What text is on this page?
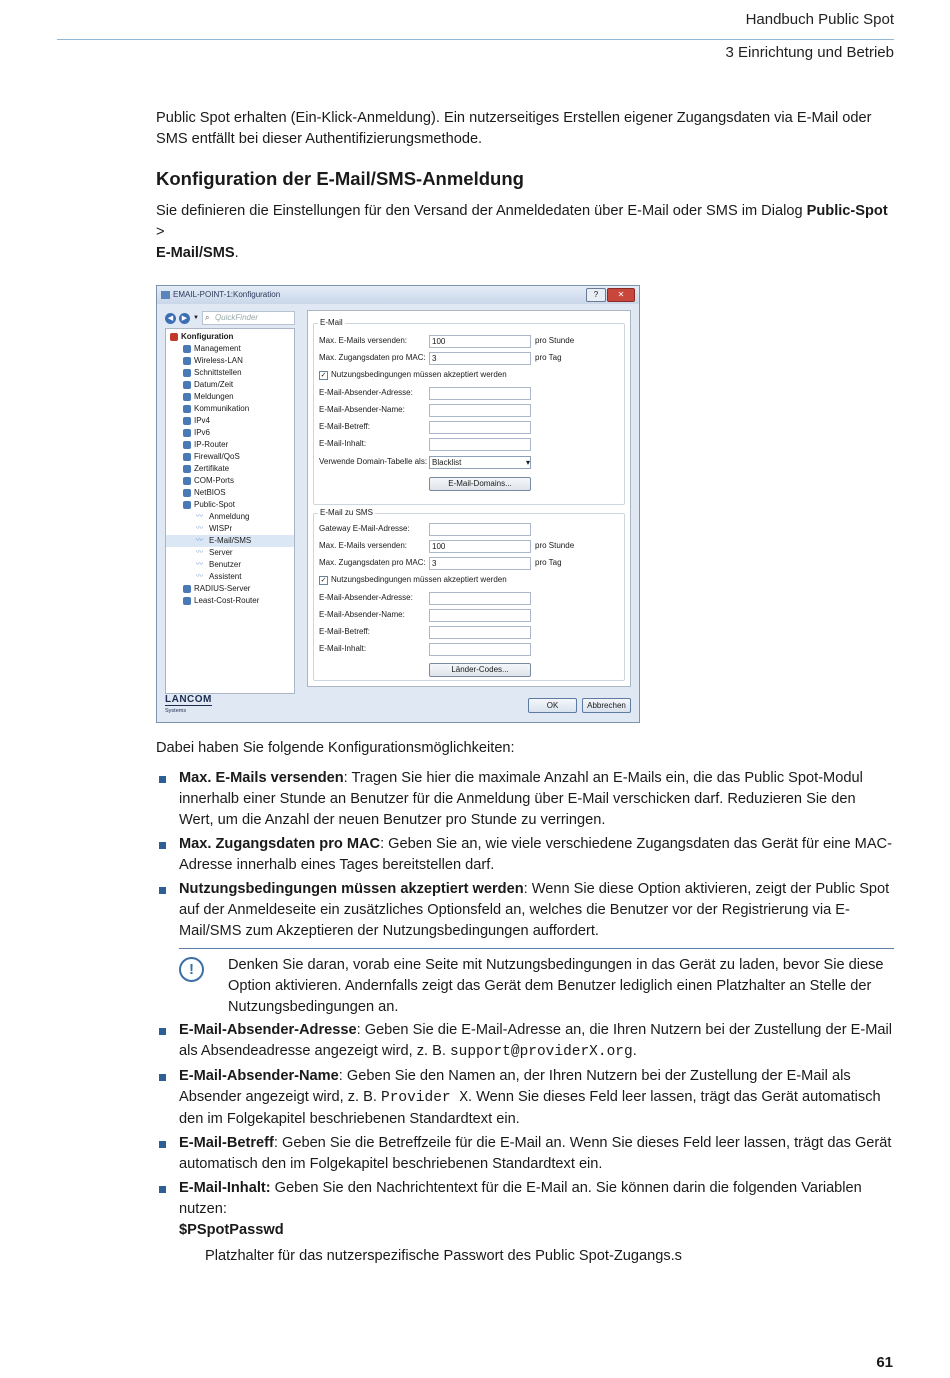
Handbuch Public Spot
3 Einrichtung und Betrieb

Public Spot erhalten (Ein-Klick-Anmeldung). Ein nutzerseitiges Erstellen eigener Zugangsdaten via E-Mail oder SMS entfällt bei dieser Authentifizierungsmethode.

Konfiguration der E-Mail/SMS-Anmeldung

Sie definieren die Einstellungen für den Versand der Anmeldedaten über E-Mail oder SMS im Dialog Public-Spot >
E-Mail/SMS.

EMAIL-POINT-1:Konfiguration	?	✕
◀	▶ ▼ ⌕ QuickFinder
Konfiguration
Management
Wireless-LAN
Schnittstellen
Datum/Zeit
Meldungen
Kommunikation
IPv4
IPv6
IP-Router
Firewall/QoS
Zertifikate
COM-Ports
NetBIOS
Public-Spot
〰 Anmeldung
〰 WISPr
〰 E-Mail/SMS
〰 Server
〰 Benutzer
〰 Assistent
RADIUS-Server
Least-Cost-Router
E-Mail
Max. E-Mails versenden:	100	pro Stunde
Max. Zugangsdaten pro MAC: 3	pro Tag
✓ Nutzungsbedingungen müssen akzeptiert werden
E-Mail-Absender-Adresse:
E-Mail-Absender-Name:
E-Mail-Betreff:
E-Mail-Inhalt:
Verwende Domain-Tabelle als: Blacklist	▾
E-Mail-Domains...
E-Mail zu SMS
Gateway E-Mail-Adresse:
Max. E-Mails versenden:	100	pro Stunde
Max. Zugangsdaten pro MAC: 3	pro Tag
✓ Nutzungsbedingungen müssen akzeptiert werden
E-Mail-Absender-Adresse:
E-Mail-Absender-Name:
E-Mail-Betreff:
E-Mail-Inhalt:
Länder-Codes...
LANCOM
Systems
OK	Abbrechen

Dabei haben Sie folgende Konfigurationsmöglichkeiten:

Max. E-Mails versenden: Tragen Sie hier die maximale Anzahl an E-Mails ein, die das Public Spot-Modul innerhalb einer Stunde an Benutzer für die Anmeldung über E-Mail verschicken darf. Reduzieren Sie den Wert, um die Anzahl der neuen Benutzer pro Stunde zu verringen.
Max. Zugangsdaten pro MAC: Geben Sie an, wie viele verschiedene Zugangsdaten das Gerät für eine MAC-Adresse innerhalb eines Tages bereitstellen darf.
Nutzungsbedingungen müssen akzeptiert werden: Wenn Sie diese Option aktivieren, zeigt der Public Spot auf der Anmeldeseite ein zusätzliches Optionsfeld an, welches die Benutzer vor der Registrierung via E-Mail/SMS zum Akzeptieren der Nutzungsbedingungen auffordert.
!	Denken Sie daran, vorab eine Seite mit Nutzungsbedingungen in das Gerät zu laden, bevor Sie diese Option aktivieren. Andernfalls zeigt das Gerät dem Benutzer lediglich einen Platzhalter an Stelle der Nutzungsbedingungen an.
E-Mail-Absender-Adresse: Geben Sie die E-Mail-Adresse an, die Ihren Nutzern bei der Zustellung der E-Mail als Absendeadresse angezeigt wird, z. B. support@providerX.org.
E-Mail-Absender-Name: Geben Sie den Namen an, der Ihren Nutzern bei der Zustellung der E-Mail als Absender angezeigt wird, z. B. Provider X. Wenn Sie dieses Feld leer lassen, trägt das Gerät automatisch den im Folgekapitel beschriebenen Standardtext ein.
E-Mail-Betreff: Geben Sie die Betreffzeile für die E-Mail an. Wenn Sie dieses Feld leer lassen, trägt das Gerät automatisch den im Folgekapitel beschriebenen Standardtext ein.
E-Mail-Inhalt: Geben Sie den Nachrichtentext für die E-Mail an. Sie können darin die folgenden Variablen nutzen:
$PSpotPasswd
Platzhalter für das nutzerspezifische Passwort des Public Spot-Zugangs.s
61
